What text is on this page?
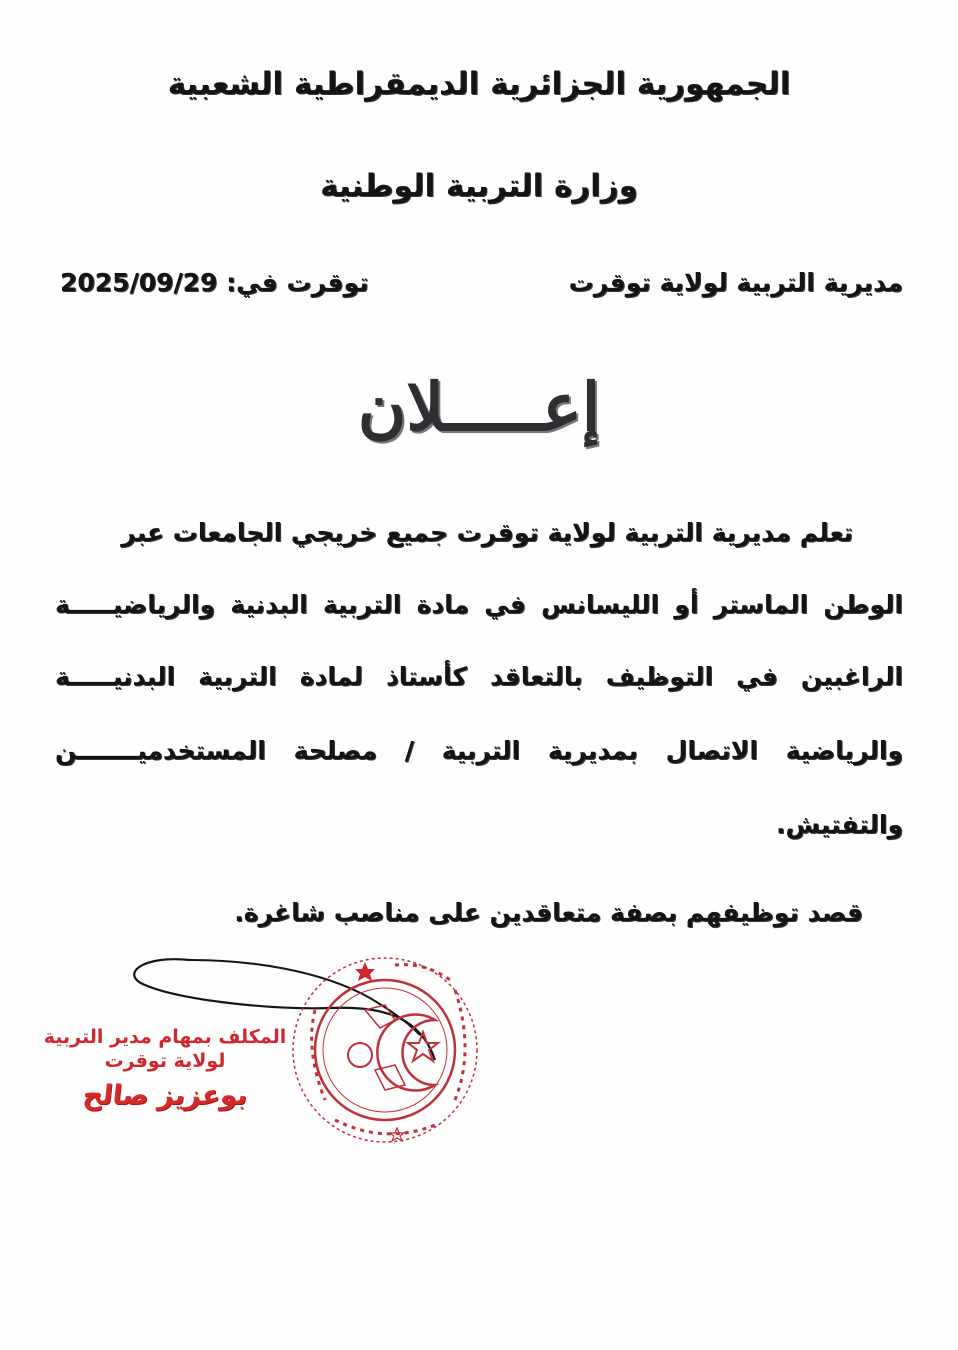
الجمهورية الجزائرية الديمقراطية الشعبية
وزارة التربية الوطنية
مديرية التربية لولاية توقرت
توقرت في: 2025/09/29
إعـــــلان
تعلم مديرية التربية لولاية توقرت جميع خريجي الجامعات عبر
الوطن الماستر أو الليسانس في مادة التربية البدنية والرياضيـــــة
الراغبين في التوظيف بالتعاقد كأستاذ لمادة التربية البدنيـــــة
والرياضية الاتصال بمديرية التربية / مصلحة المستخدميـــــــن
والتفتيش.
قصد توظيفهم بصفة متعاقدين على مناصب شاغرة.
المكلف بمهام مدير التربية
لولاية توقرت
بوعزيز صالح
